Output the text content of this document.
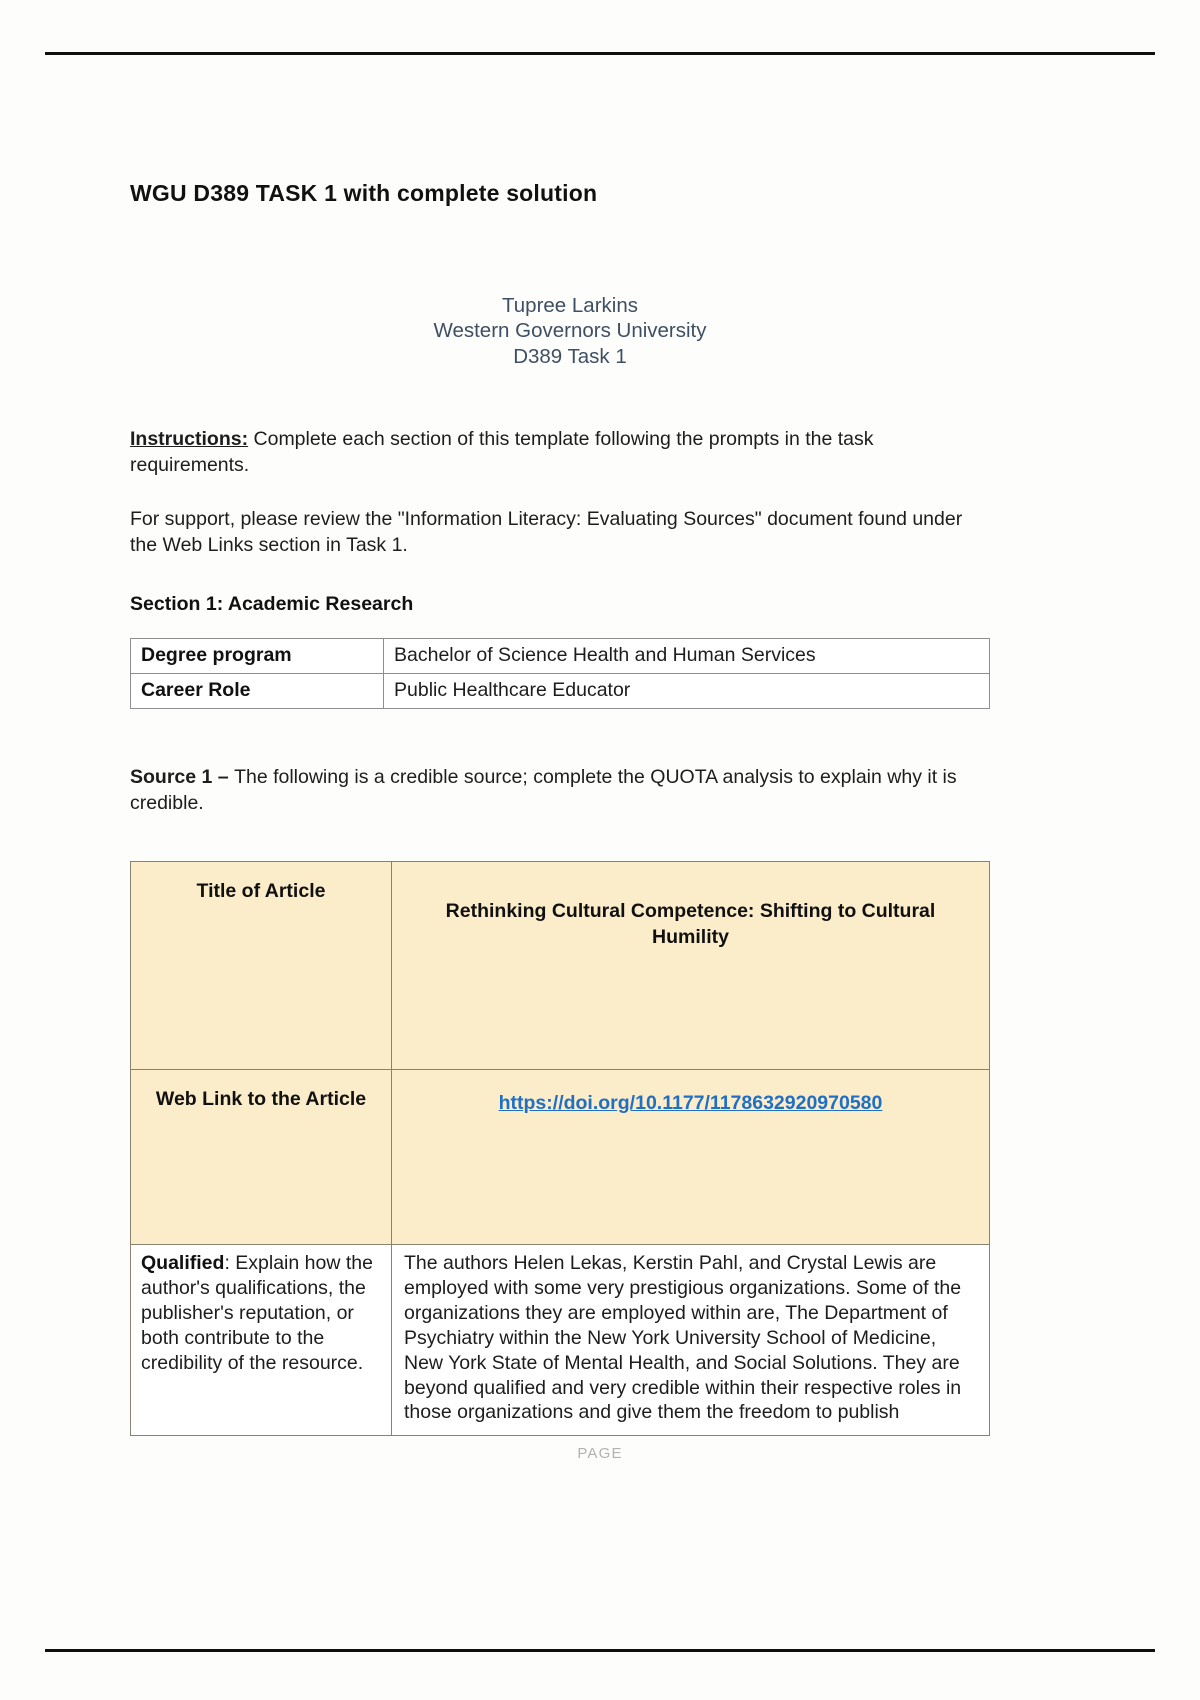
WGU D389 TASK 1 with complete solution
Tupree Larkins
Western Governors University
D389 Task 1

Instructions: Complete each section of this template following the prompts in the task requirements.

For support, please review the "Information Literacy: Evaluating Sources" document found under the Web Links section in Task 1.

Section 1: Academic Research
Degree program	Bachelor of Science Health and Human Services
Career Role	Public Healthcare Educator

Source 1 – The following is a credible source; complete the QUOTA analysis to explain why it is credible.

Title of Article	Rethinking Cultural Competence: Shifting to Cultural Humility
Web Link to the Article	https://doi.org/10.1177/1178632920970580
Qualified: Explain how the author's qualifications, the publisher's reputation, or both contribute to the credibility of the resource.	The authors Helen Lekas, Kerstin Pahl, and Crystal Lewis are employed with some very prestigious organizations. Some of the organizations they are employed within are, The Department of Psychiatry within the New York University School of Medicine, New York State of Mental Health, and Social Solutions. They are beyond qualified and very credible within their respective roles in those organizations and give them the freedom to publish
PAGE
